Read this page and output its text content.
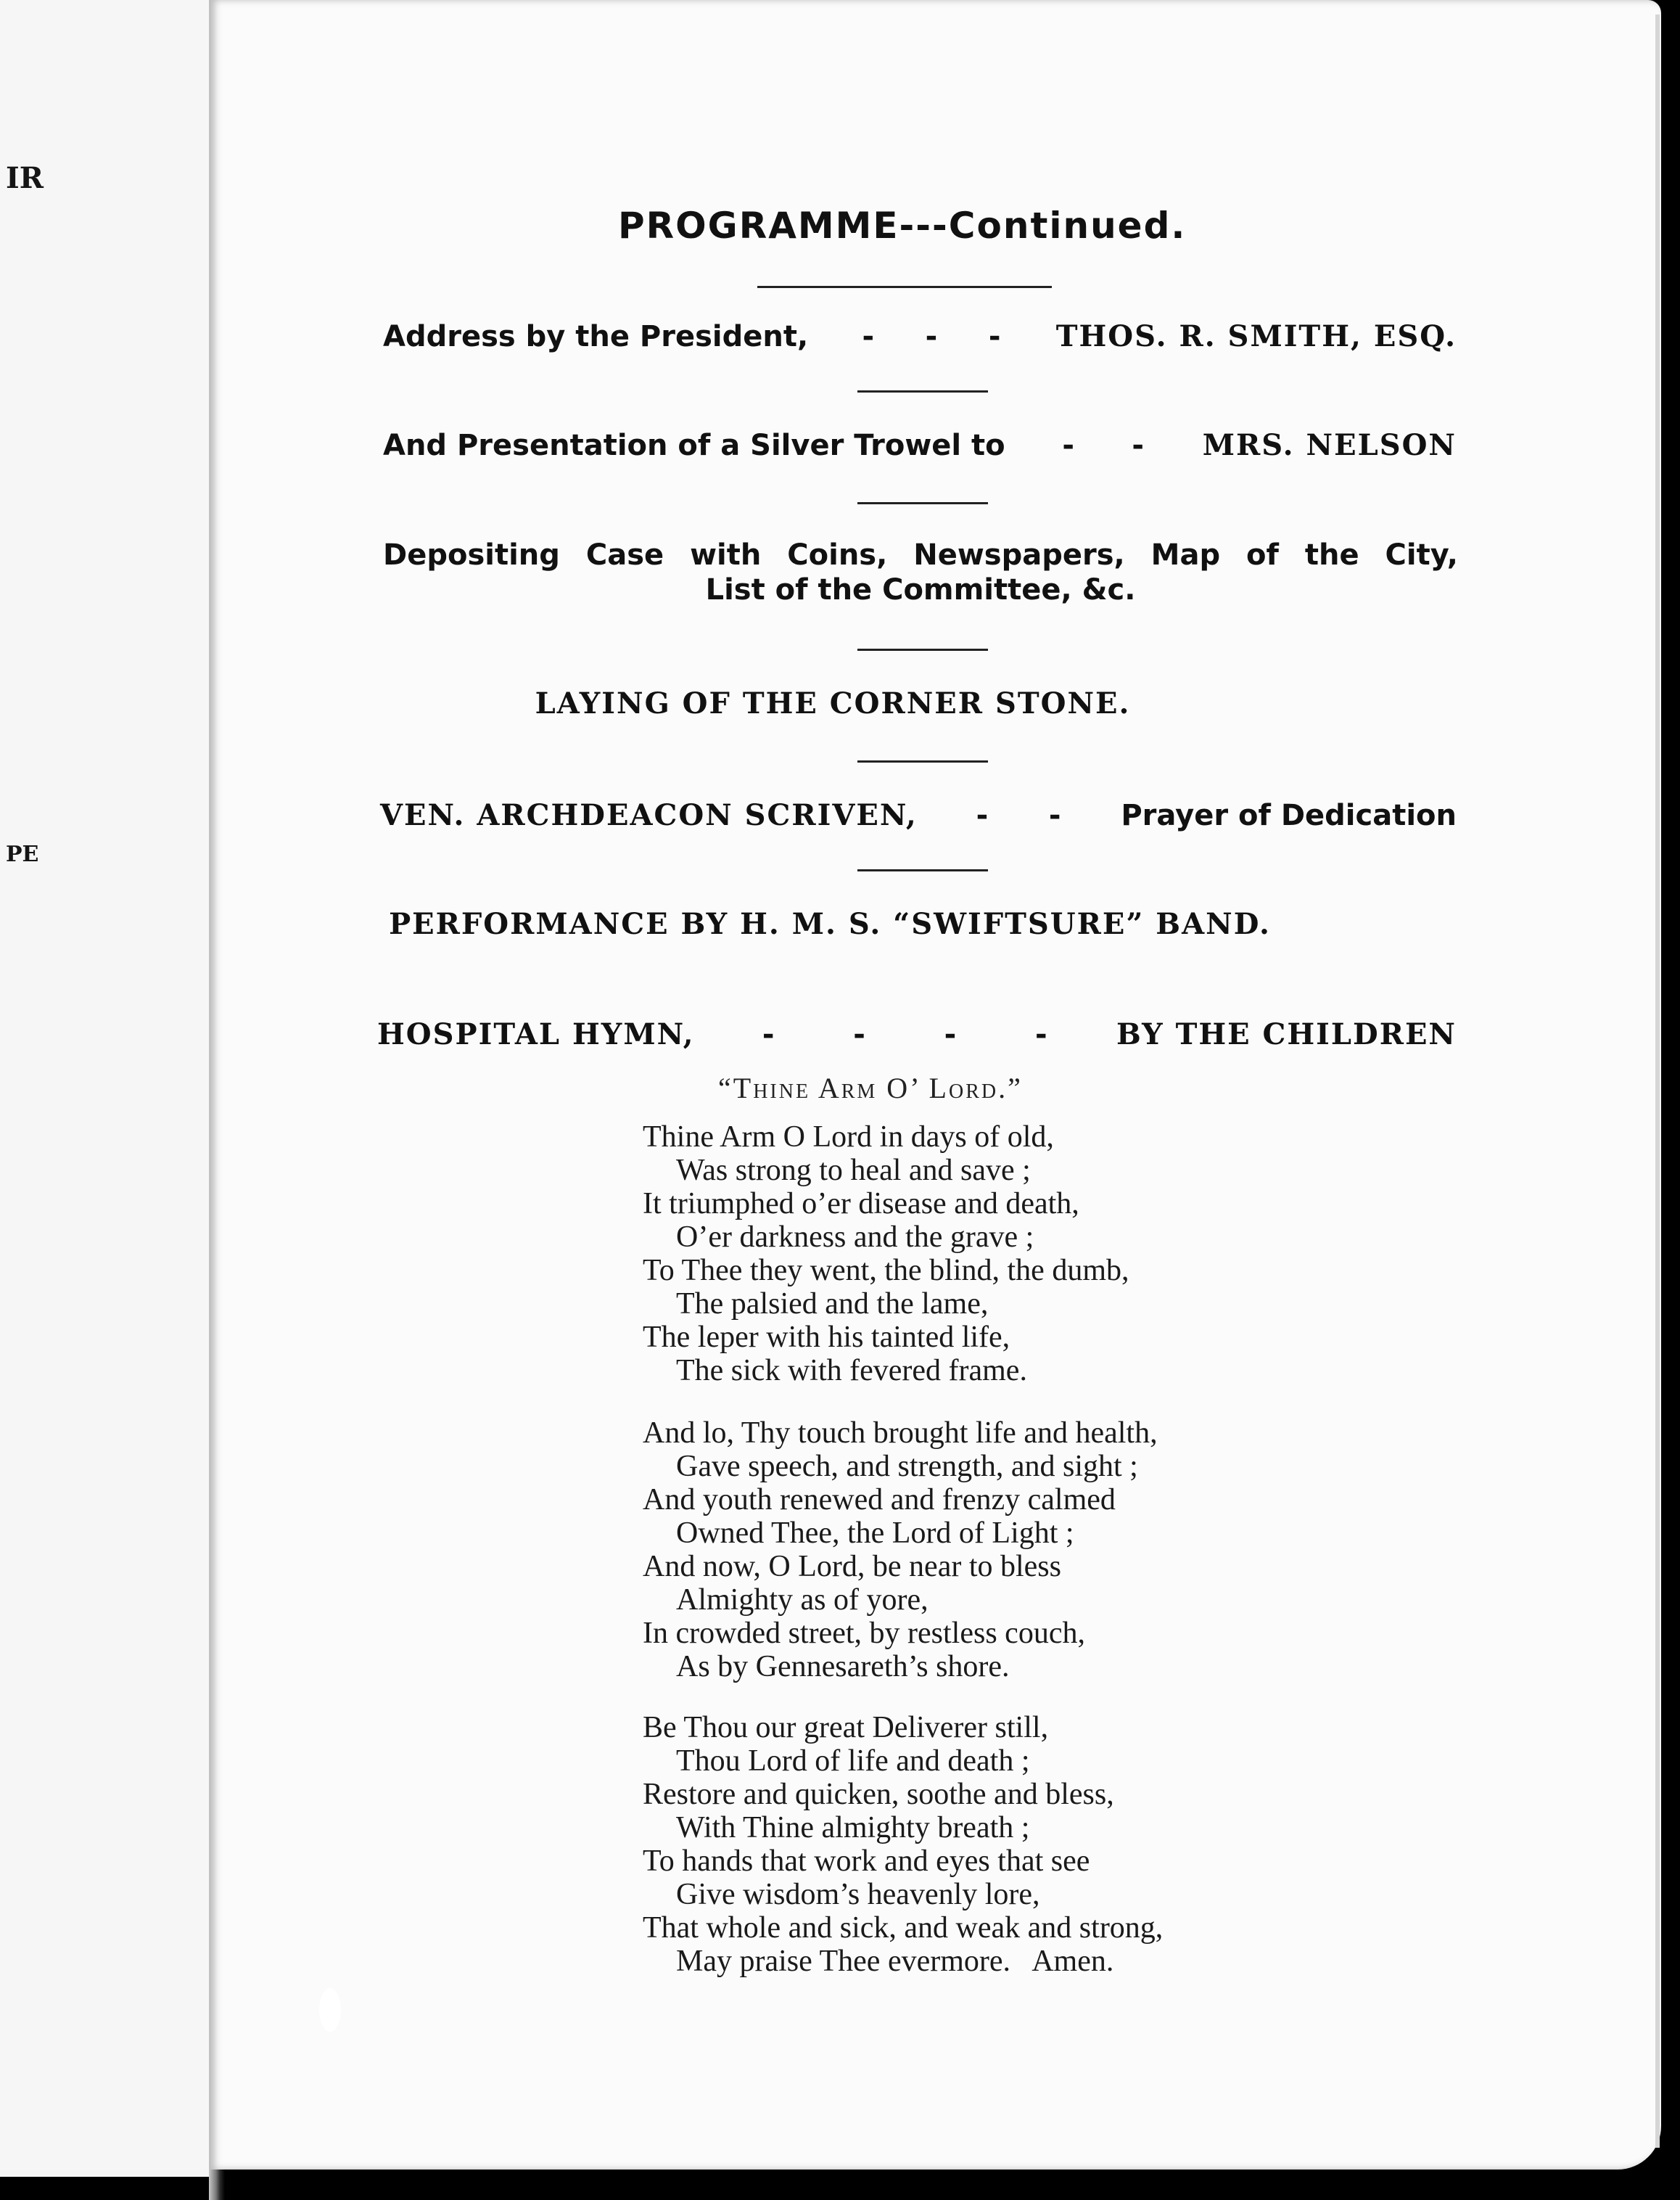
IR
PE
PROGRAMME---Continued.
Address by the President, - - - THOS. R. SMITH, ESQ.
And Presentation of a Silver Trowel to - - MRS. NELSON
Depositing Case with Coins, Newspapers, Map of the City,
List of the Committee, &c.
LAYING OF THE CORNER STONE.
VEN. ARCHDEACON SCRIVEN, - - Prayer of Dedication
PERFORMANCE BY H. M. S. “SWIFTSURE” BAND.
HOSPITAL HYMN, -	-	-	- BY THE CHILDREN
“Thine Arm O’ Lord.”
Thine Arm O Lord in days of old,
Was strong to heal and save ;
It triumphed o’er disease and death,
O’er darkness and the grave ;
To Thee they went, the blind, the dumb,
The palsied and the lame,
The leper with his tainted life,
The sick with fevered frame.
And lo, Thy touch brought life and health,
Gave speech, and strength, and sight ;
And youth renewed and frenzy calmed
Owned Thee, the Lord of Light ;
And now, O Lord, be near to bless
Almighty as of yore,
In crowded street, by restless couch,
As by Gennesareth’s shore.
Be Thou our great Deliverer still,
Thou Lord of life and death ;
Restore and quicken, soothe and bless,
With Thine almighty breath ;
To hands that work and eyes that see
Give wisdom’s heavenly lore,
That whole and sick, and weak and strong,
May praise Thee evermore.   Amen.
